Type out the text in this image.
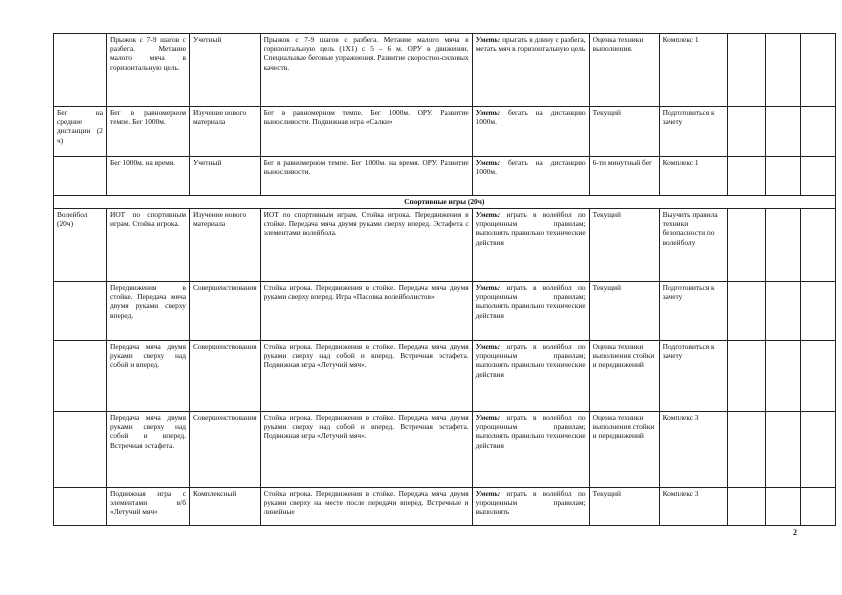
	Прыжок с 7-9 шагов с разбега. Метание малого мяча в горизонтальную цель.	Учетный	Прыжок с 7-9 шагов с разбега. Метание малого мяча в горизонтальную цель (1Х1) с 5 – 6 м. ОРУ в движении. Специальные беговые упражнения. Развитие скоростно-силовых качеств.	Уметь: прыгать в длину с разбега, метать мяч в горизонтальную цель	Оценка техники выполнения.	Комплекс 1			
Бег на средние дистанции (2 ч)	Бег в равномерном темпе. Бег 1000м.	Изучение нового материала	Бег в равномерном темпе. Бег 1000м. ОРУ. Развитие выносливости. Подвижная игра «Салки»	Уметь: бегать на дистанцию 1000м.	Текущий	Подготовиться к зачету			
	Бег 1000м. на время.	Учетный	Бег в равномерном темпе. Бег 1000м. на время. ОРУ. Развитие выносливости.	Уметь: бегать на дистанцию 1000м.	6-ти минутный бег	Комплекс 1			
Спортивные игры (20ч)									
Волейбол (20ч)	ИОТ по спортивным играм. Стойка игрока.	Изучение нового материала	ИОТ по спортивным играм. Стойка игрока. Передвижения в стойке. Передача мяча двумя руками сверху вперед. Эстафета с элементами волейбола.	Уметь: играть в волейбол по упрощенным правилам; выполнять правильно технические действия	Текущий	Выучить правила техники безопасности по волейболу			
	Передвижения в стойке. Передача мяча двумя руками сверху вперед.	Совершенствования	Стойка игрока. Передвижения в стойке. Передача мяча двумя руками сверху вперед. Игра «Пасовка волейболистов»	Уметь: играть в волейбол по упрощенным правилам; выполнять правильно технические действия	Текущий	Подготовиться к зачету			
	Передача мяча двумя руками сверху над собой и вперед.	Совершенствования	Стойка игрока. Передвижения в стойке. Передача мяча двумя руками сверху над собой и вперед. Встречная эстафета. Подвижная игра «Летучий мяч».	Уметь: играть в волейбол по упрощенным правилам; выполнять правильно технические действия	Оценка техники выполнения стойки и передвижений	Подготовиться к зачету			
	Передача мяча двумя руками сверху над собой и вперед. Встречная эстафета.	Совершенствования	Стойка игрока. Передвижения в стойке. Передача мяча двумя руками сверху над собой и вперед. Встречная эстафета. Подвижная игра «Летучий мяч».	Уметь: играть в волейбол по упрощенным правилам; выполнять правильно технические действия	Оценка техники выполнения стойки и передвижений	Комплекс 3			
	Подвижная игра с элементами в/б «Летучий мяч»	Комплексный	Стойка игрока. Передвижения в стойке. Передача мяча двумя руками сверху на месте после передачи вперед. Встречные и линейные	Уметь: играть в волейбол по упрощенным правилам; выполнять	Текущий	Комплекс 3			
2
